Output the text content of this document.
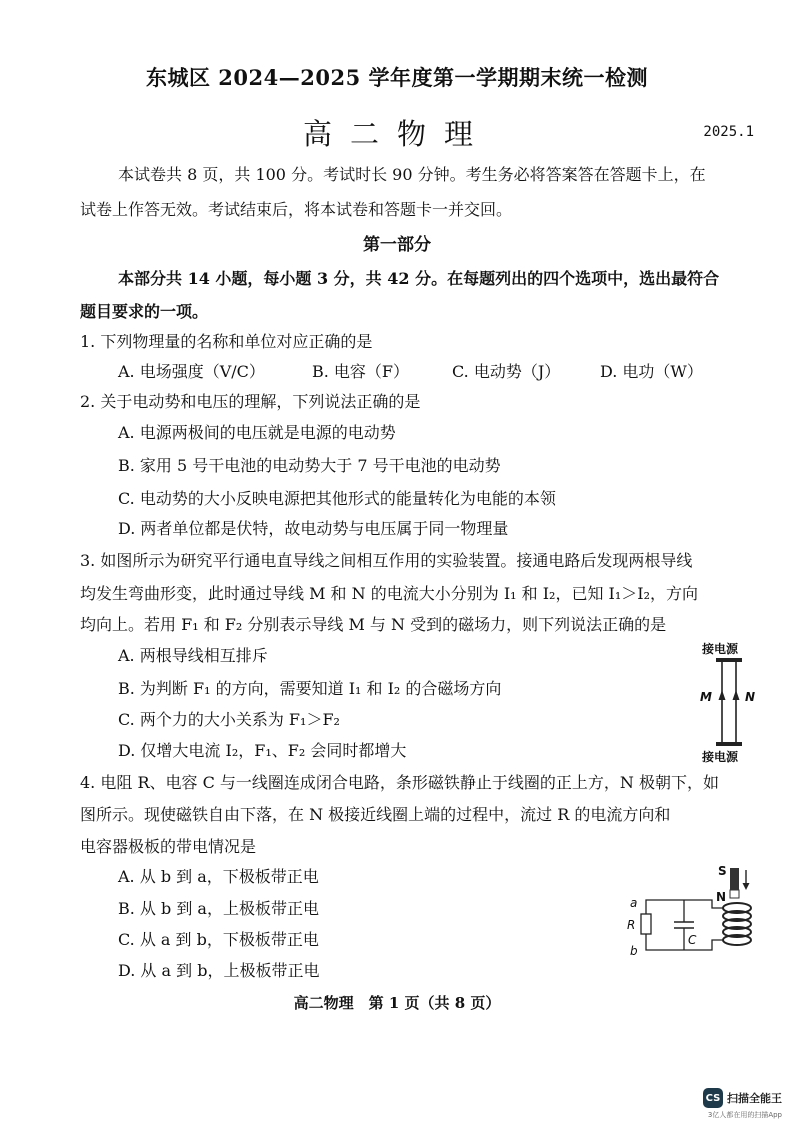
东城区 2024—2025 学年度第一学期期末统一检测
高二物理	2025.1
本试卷共 8 页，共 100 分。考试时长 90 分钟。考生务必将答案答在答题卡上，在
试卷上作答无效。考试结束后，将本试卷和答题卡一并交回。
第一部分
本部分共 14 小题，每小题 3 分，共 42 分。在每题列出的四个选项中，选出最符合
题目要求的一项。
1. 下列物理量的名称和单位对应正确的是
A. 电场强度（V/C）	B. 电容（F）	C. 电动势（J） D. 电功（W）
2. 关于电动势和电压的理解，下列说法正确的是
A. 电源两极间的电压就是电源的电动势
B. 家用 5 号干电池的电动势大于 7 号干电池的电动势
C. 电动势的大小反映电源把其他形式的能量转化为电能的本领
D. 两者单位都是伏特，故电动势与电压属于同一物理量
3. 如图所示为研究平行通电直导线之间相互作用的实验装置。接通电路后发现两根导线
均发生弯曲形变，此时通过导线 M 和 N 的电流大小分别为 I₁ 和 I₂，已知 I₁＞I₂，方向
均向上。若用 F₁ 和 F₂ 分别表示导线 M 与 N 受到的磁场力，则下列说法正确的是
A. 两根导线相互排斥
B. 为判断 F₁ 的方向，需要知道 I₁ 和 I₂ 的合磁场方向
C. 两个力的大小关系为 F₁＞F₂
D. 仅增大电流 I₂，F₁、F₂ 会同时都增大
接电源
M	N
接电源
4. 电阻 R、电容 C 与一线圈连成闭合电路，条形磁铁静止于线圈的正上方，N 极朝下，如
图所示。现使磁铁自由下落，在 N 极接近线圈上端的过程中，流过 R 的电流方向和
电容器极板的带电情况是
A. 从 b 到 a，下极板带正电
B. 从 b 到 a，上极板带正电
C. 从 a 到 b，下极板带正电
D. 从 a 到 b，上极板带正电
S
N
a
R
b
C
高二物理　第 1 页（共 8 页）
CS 扫描全能王
3亿人都在用的扫描App
